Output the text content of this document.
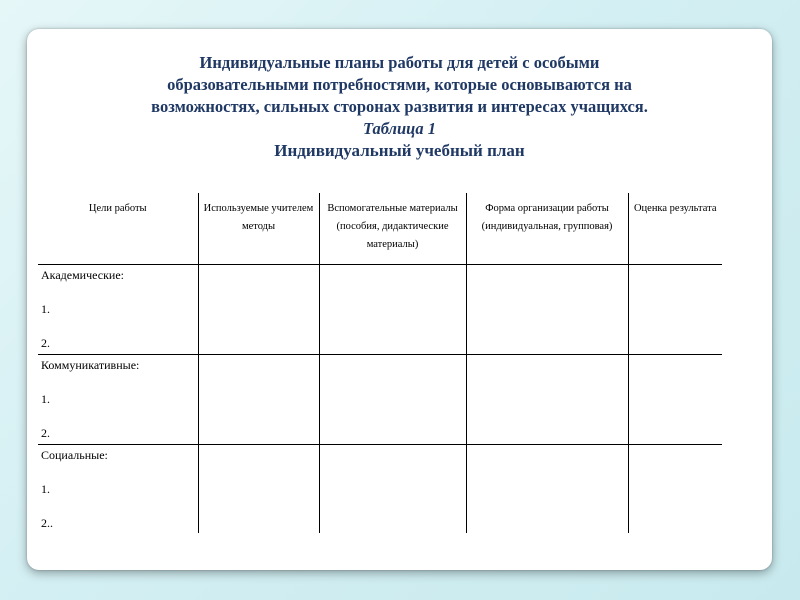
Индивидуальные планы работы для детей с особыми
образовательными потребностями, которые основываются на
возможностях, сильных сторонах развития и интересах учащихся.
Таблица 1
Индивидуальный учебный план
Цели работы	Используемые учителем методы	Вспомогательные материалы (пособия, дидактические материалы)	Форма организации работы (индивидуальная, групповая)	Оценка результата

Академические:
1.
2.				

Коммуникативные:
1.
2.				

Социальные:
1.
2..				
